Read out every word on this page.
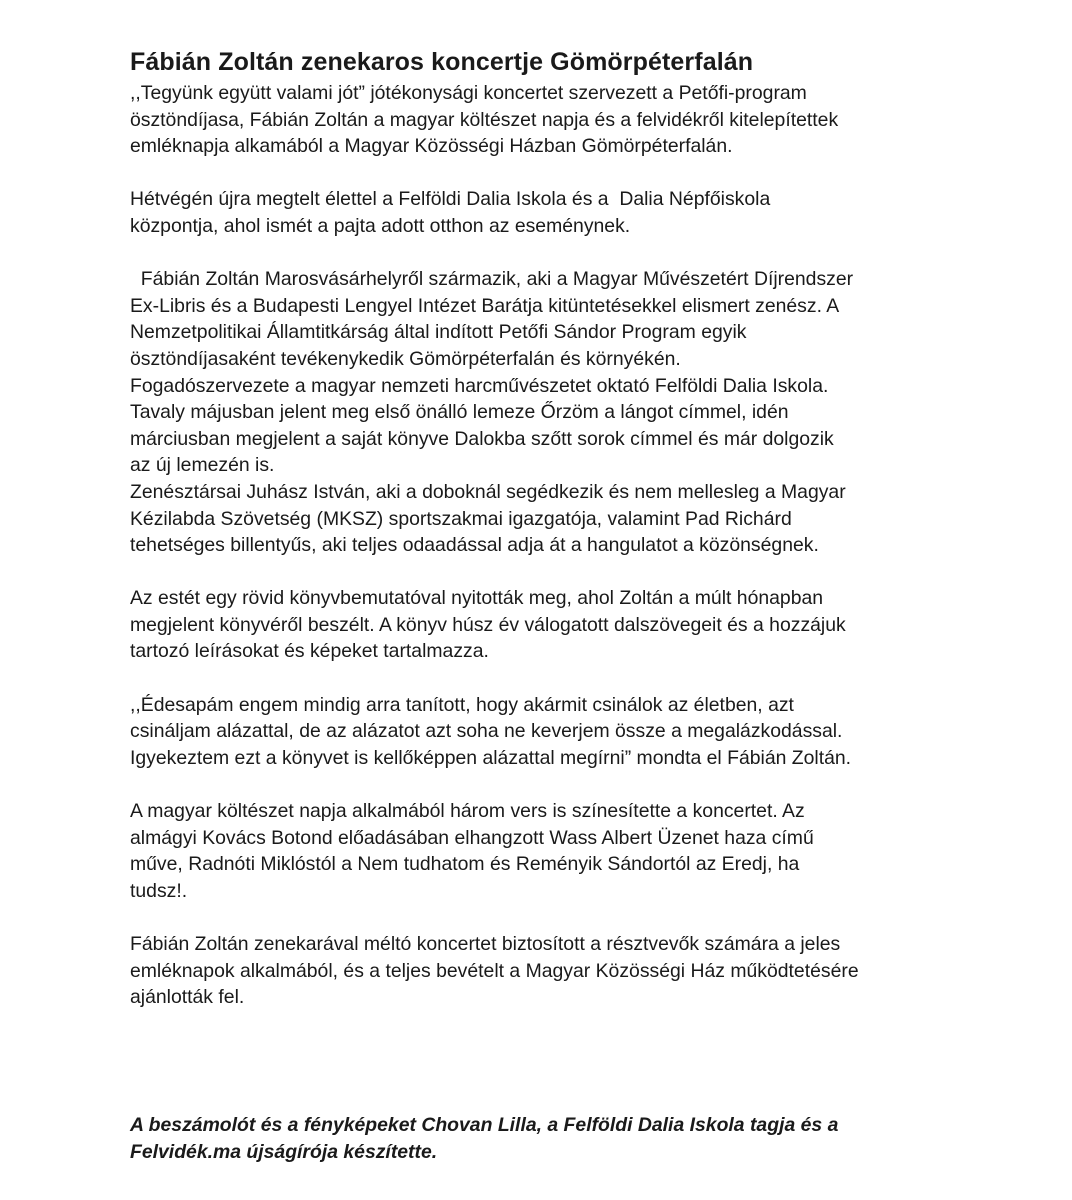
Fábián Zoltán zenekaros koncertje Gömörpéterfalán

,,Tegyünk együtt valami jót” jótékonysági koncertet szervezett a Petőfi-program
ösztöndíjasa, Fábián Zoltán a magyar költészet napja és a felvidékről kitelepítettek
emléknapja alkamából a Magyar Közösségi Házban Gömörpéterfalán.

Hétvégén újra megtelt élettel a Felföldi Dalia Iskola és a  Dalia Népfőiskola
központja, ahol ismét a pajta adott otthon az eseménynek.

Fábián Zoltán Marosvásárhelyről származik, aki a Magyar Művészetért Díjrendszer
Ex-Libris és a Budapesti Lengyel Intézet Barátja kitüntetésekkel elismert zenész. A
Nemzetpolitikai Államtitkárság által indított Petőfi Sándor Program egyik
ösztöndíjasaként tevékenykedik Gömörpéterfalán és környékén.
Fogadószervezete a magyar nemzeti harcművészetet oktató Felföldi Dalia Iskola.
Tavaly májusban jelent meg első önálló lemeze Őrzöm a lángot címmel, idén
márciusban megjelent a saját könyve Dalokba szőtt sorok címmel és már dolgozik
az új lemezén is.
Zenésztársai Juhász István, aki a doboknál segédkezik és nem mellesleg a Magyar
Kézilabda Szövetség (MKSZ) sportszakmai igazgatója, valamint Pad Richárd
tehetséges billentyűs, aki teljes odaadással adja át a hangulatot a közönségnek.

Az estét egy rövid könyvbemutatóval nyitották meg, ahol Zoltán a múlt hónapban
megjelent könyvéről beszélt. A könyv húsz év válogatott dalszövegeit és a hozzájuk
tartozó leírásokat és képeket tartalmazza.

,,Édesapám engem mindig arra tanított, hogy akármit csinálok az életben, azt
csináljam alázattal, de az alázatot azt soha ne keverjem össze a megalázkodással.
Igyekeztem ezt a könyvet is kellőképpen alázattal megírni” mondta el Fábián Zoltán.

A magyar költészet napja alkalmából három vers is színesítette a koncertet. Az
almágyi Kovács Botond előadásában elhangzott Wass Albert Üzenet haza című
műve, Radnóti Miklóstól a Nem tudhatom és Reményik Sándortól az Eredj, ha
tudsz!.

Fábián Zoltán zenekarával méltó koncertet biztosított a résztvevők számára a jeles
emléknapok alkalmából, és a teljes bevételt a Magyar Közösségi Ház működtetésére
ajánlották fel.

A beszámolót és a fényképeket Chovan Lilla, a Felföldi Dalia Iskola tagja és a
Felvidék.ma újságírója készítette.
